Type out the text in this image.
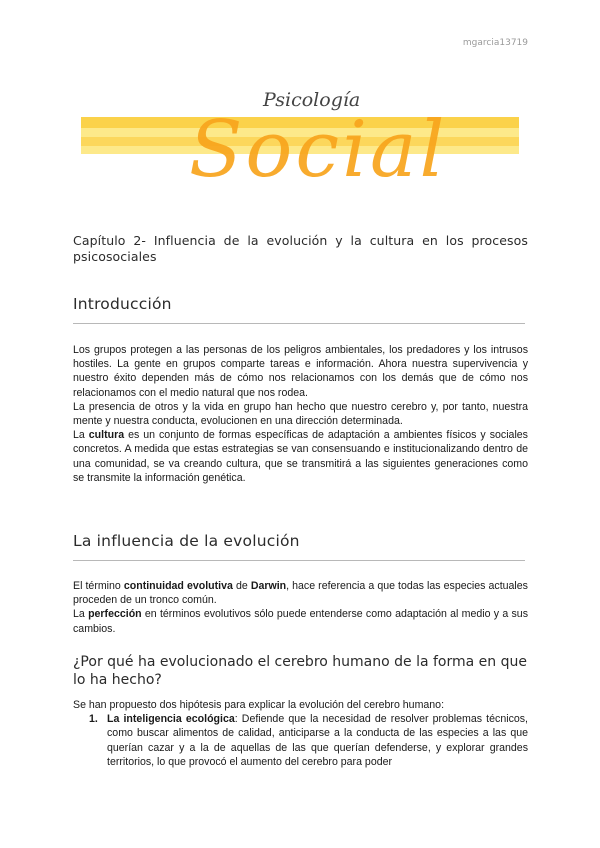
mgarcia13719
Psicología
Social
Capítulo 2- Influencia de la evolución y la cultura en los procesos psicosociales
Introducción

Los grupos protegen a las personas de los peligros ambientales, los predadores y los intrusos hostiles. La gente en grupos comparte tareas e información. Ahora nuestra supervivencia y nuestro éxito dependen más de cómo nos relacionamos con los demás que de cómo nos relacionamos con el medio natural que nos rodea.

La presencia de otros y la vida en grupo han hecho que nuestro cerebro y, por tanto, nuestra mente y nuestra conducta, evolucionen en una dirección determinada.

La cultura es un conjunto de formas específicas de adaptación a ambientes físicos y sociales concretos. A medida que estas estrategias se van consensuando e institucionalizando dentro de una comunidad, se va creando cultura, que se transmitirá a las siguientes generaciones como se transmite la información genética.

La influencia de la evolución

El término continuidad evolutiva de Darwin, hace referencia a que todas las especies actuales proceden de un tronco común.

La perfección en términos evolutivos sólo puede entenderse como adaptación al medio y a sus cambios.

¿Por qué ha evolucionado el cerebro humano de la forma en que lo ha hecho?

Se han propuesto dos hipótesis para explicar la evolución del cerebro humano:

1. La inteligencia ecológica: Defiende que la necesidad de resolver problemas técnicos, como buscar alimentos de calidad, anticiparse a la conducta de las especies a las que querían cazar y a la de aquellas de las que querían defenderse, y explorar grandes territorios, lo que provocó el aumento del cerebro para poder
